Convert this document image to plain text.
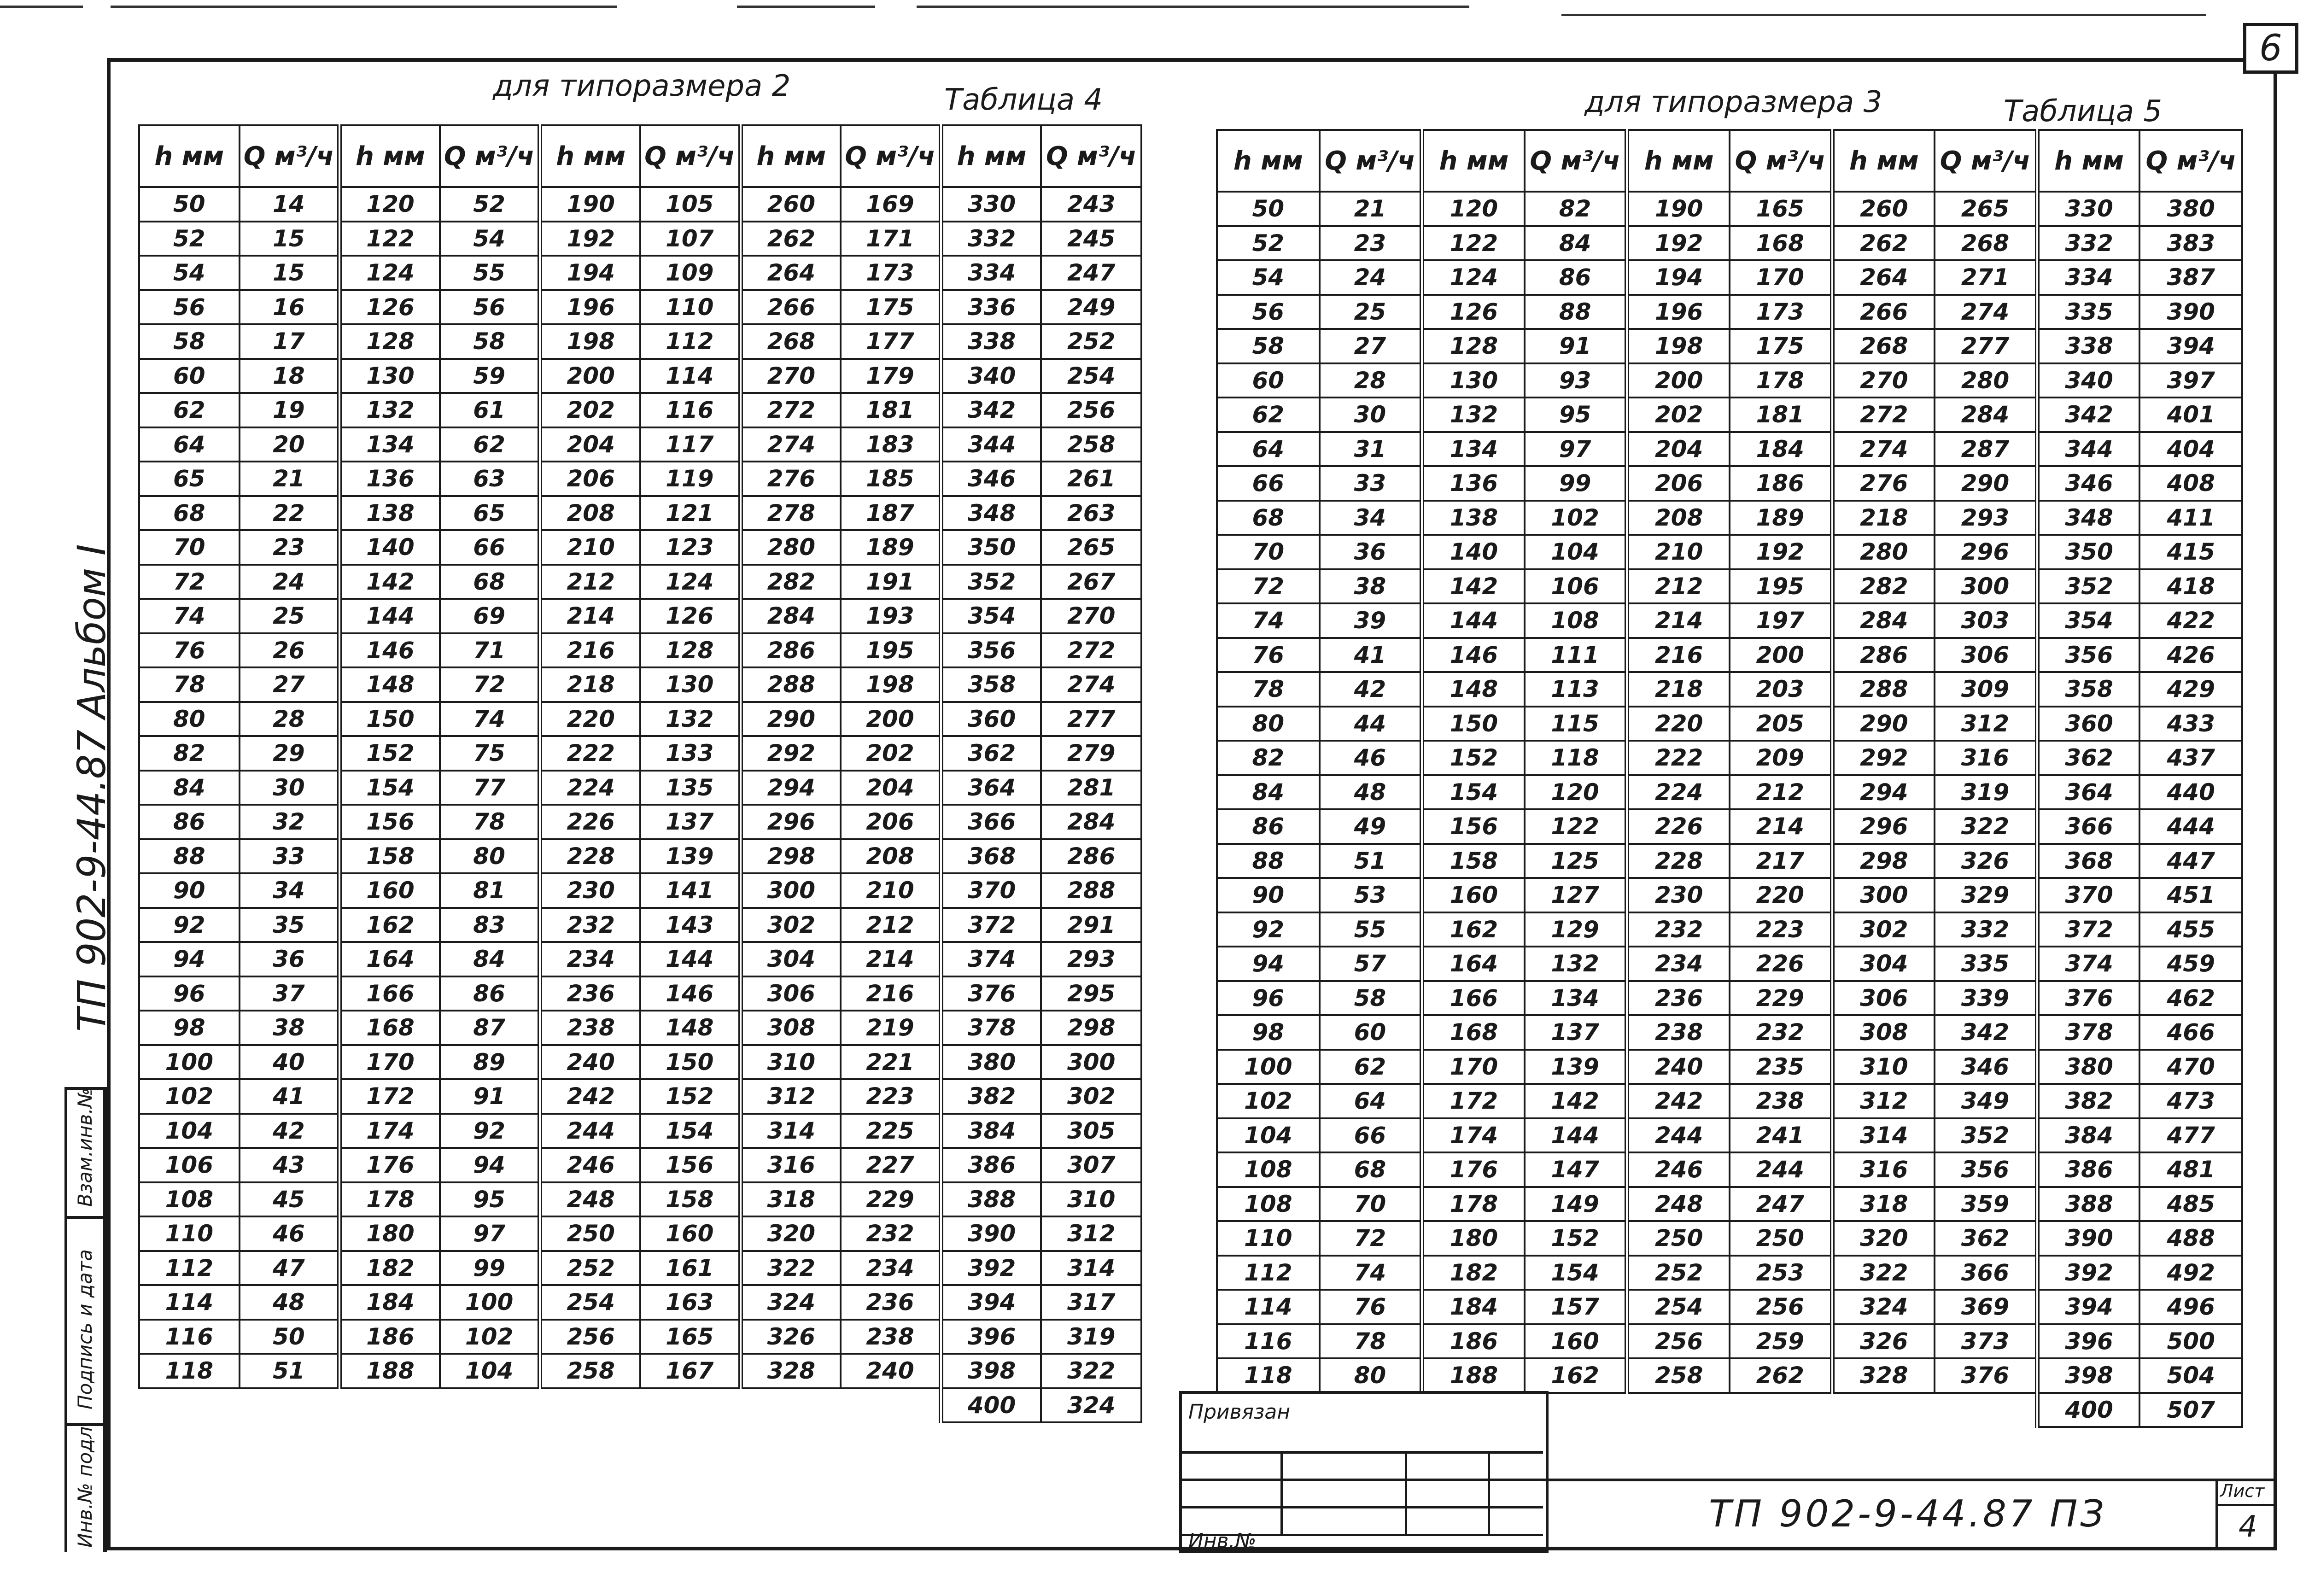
6
ТП 902-9-44.87
Альбом I
Взам.инв.№
Подпись и дата
Инв.№ подл.
для типоразмера 2	Таблица 4	для типоразмера 3	Таблица 5
h мм	Q м³/ч	h мм	Q м³/ч	h мм	Q м³/ч	h мм	Q м³/ч	h мм	Q м³/ч
50	14	120	52	190	105	260	169	330	243
52	15	122	54	192	107	262	171	332	245
54	15	124	55	194	109	264	173	334	247
56	16	126	56	196	110	266	175	336	249
58	17	128	58	198	112	268	177	338	252
60	18	130	59	200	114	270	179	340	254
62	19	132	61	202	116	272	181	342	256
64	20	134	62	204	117	274	183	344	258
65	21	136	63	206	119	276	185	346	261
68	22	138	65	208	121	278	187	348	263
70	23	140	66	210	123	280	189	350	265
72	24	142	68	212	124	282	191	352	267
74	25	144	69	214	126	284	193	354	270
76	26	146	71	216	128	286	195	356	272
78	27	148	72	218	130	288	198	358	274
80	28	150	74	220	132	290	200	360	277
82	29	152	75	222	133	292	202	362	279
84	30	154	77	224	135	294	204	364	281
86	32	156	78	226	137	296	206	366	284
88	33	158	80	228	139	298	208	368	286
90	34	160	81	230	141	300	210	370	288
92	35	162	83	232	143	302	212	372	291
94	36	164	84	234	144	304	214	374	293
96	37	166	86	236	146	306	216	376	295
98	38	168	87	238	148	308	219	378	298
100	40	170	89	240	150	310	221	380	300
102	41	172	91	242	152	312	223	382	302
104	42	174	92	244	154	314	225	384	305
106	43	176	94	246	156	316	227	386	307
108	45	178	95	248	158	318	229	388	310
110	46	180	97	250	160	320	232	390	312
112	47	182	99	252	161	322	234	392	314
114	48	184	100	254	163	324	236	394	317
116	50	186	102	256	165	326	238	396	319
118	51	188	104	258	167	328	240	398	322
								400	324
h мм	Q м³/ч	h мм	Q м³/ч	h мм	Q м³/ч	h мм	Q м³/ч	h мм	Q м³/ч
50	21	120	82	190	165	260	265	330	380
52	23	122	84	192	168	262	268	332	383
54	24	124	86	194	170	264	271	334	387
56	25	126	88	196	173	266	274	335	390
58	27	128	91	198	175	268	277	338	394
60	28	130	93	200	178	270	280	340	397
62	30	132	95	202	181	272	284	342	401
64	31	134	97	204	184	274	287	344	404
66	33	136	99	206	186	276	290	346	408
68	34	138	102	208	189	218	293	348	411
70	36	140	104	210	192	280	296	350	415
72	38	142	106	212	195	282	300	352	418
74	39	144	108	214	197	284	303	354	422
76	41	146	111	216	200	286	306	356	426
78	42	148	113	218	203	288	309	358	429
80	44	150	115	220	205	290	312	360	433
82	46	152	118	222	209	292	316	362	437
84	48	154	120	224	212	294	319	364	440
86	49	156	122	226	214	296	322	366	444
88	51	158	125	228	217	298	326	368	447
90	53	160	127	230	220	300	329	370	451
92	55	162	129	232	223	302	332	372	455
94	57	164	132	234	226	304	335	374	459
96	58	166	134	236	229	306	339	376	462
98	60	168	137	238	232	308	342	378	466
100	62	170	139	240	235	310	346	380	470
102	64	172	142	242	238	312	349	382	473
104	66	174	144	244	241	314	352	384	477
108	68	176	147	246	244	316	356	386	481
108	70	178	149	248	247	318	359	388	485
110	72	180	152	250	250	320	362	390	488
112	74	182	154	252	253	322	366	392	492
114	76	184	157	254	256	324	369	394	496
116	78	186	160	256	259	326	373	396	500
118	80	188	162	258	262	328	376	398	504
								400	507
Привязан
Инв.№
ТП 902-9-44.87 ПЗ
Лист
4
